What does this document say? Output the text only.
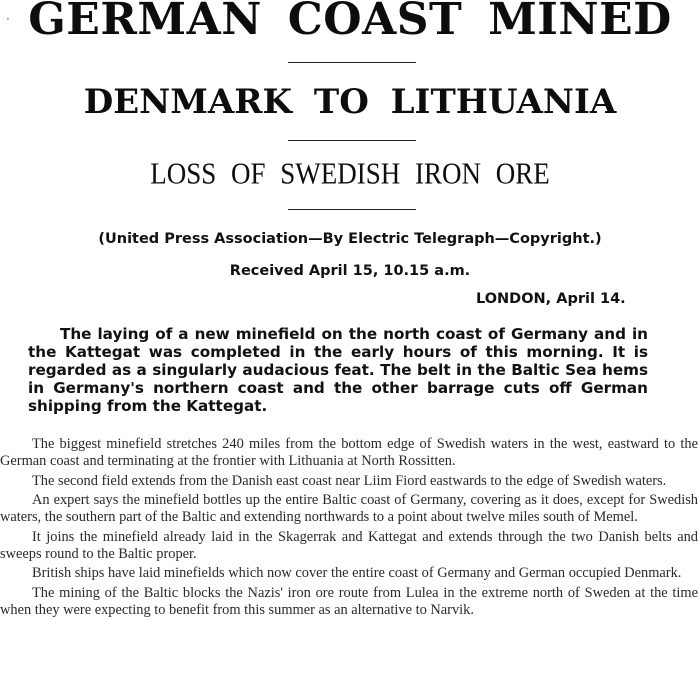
⋅ GERMAN COAST MINED
DENMARK TO LITHUANIA
LOSS OF SWEDISH IRON ORE
(United Press Association—By Electric Telegraph—Copyright.)
Received April 15, 10.15 a.m.
LONDON, April 14.
The laying of a new minefield on the north coast of Germany and in the Kattegat was completed in the early hours of this morning. It is regarded as a singularly audacious feat. The belt in the Baltic Sea hems in Germany's northern coast and the other barrage cuts off German shipping from the Kattegat.

The biggest minefield stretches 240 miles from the bottom edge of Swedish waters in the west, eastward to the German coast and terminating at the frontier with Lithuania at North Rossitten.

The second field extends from the Danish east coast near Liim Fiord eastwards to the edge of Swedish waters.

An expert says the minefield bottles up the entire Baltic coast of Germany, covering as it does, except for Swedish waters, the southern part of the Baltic and extending northwards to a point about twelve miles south of Memel.

It joins the minefield already laid in the Skagerrak and Kattegat and extends through the two Danish belts and sweeps round to the Baltic proper.

British ships have laid minefields which now cover the entire coast of Germany and German occupied Denmark.

The mining of the Baltic blocks the Nazis' iron ore route from Lulea in the extreme north of Sweden at the time when they were expecting to benefit from this summer as an alternative to Narvik.
